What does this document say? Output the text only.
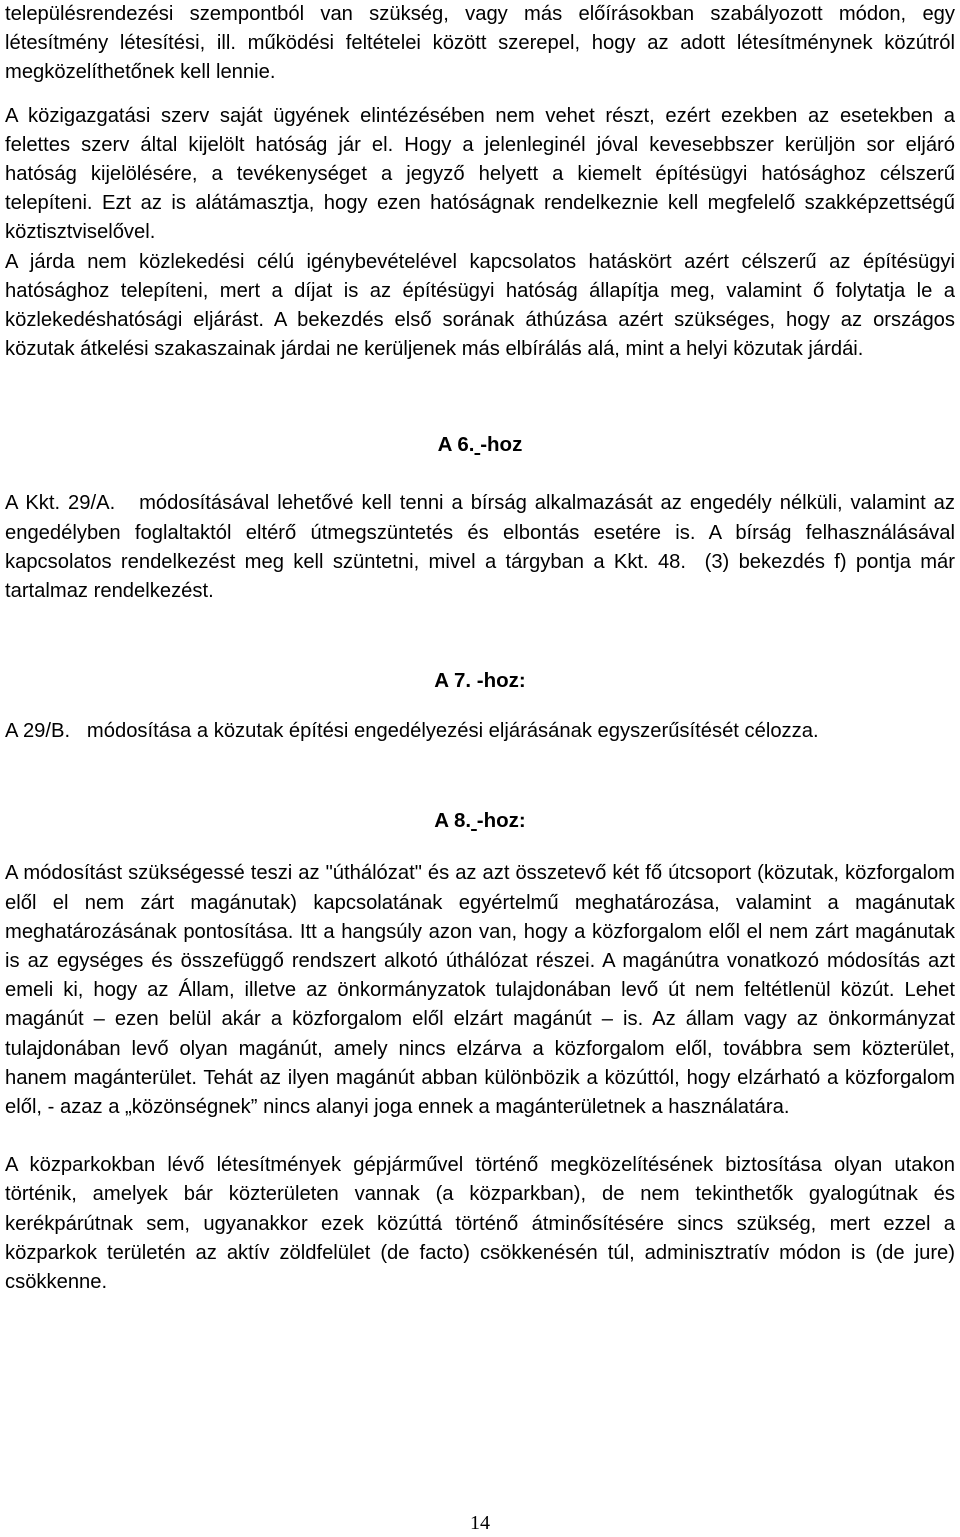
településrendezési szempontból van szükség, vagy más előírásokban szabályozott módon, egy létesítmény létesítési, ill. működési feltételei között szerepel, hogy az adott létesítménynek közútról megközelíthetőnek kell lennie.

A közigazgatási szerv saját ügyének elintézésében nem vehet részt, ezért ezekben az esetekben a felettes szerv által kijelölt hatóság jár el. Hogy a jelenleginél jóval kevesebbszer kerüljön sor eljáró hatóság kijelölésére, a tevékenységet a jegyző helyett a kiemelt építésügyi hatósághoz célszerű telepíteni. Ezt az is alátámasztja, hogy ezen hatóságnak rendelkeznie kell megfelelő szakképzettségű köztisztviselővel.

A járda nem közlekedési célú igénybevételével kapcsolatos hatáskört azért célszerű az építésügyi hatósághoz telepíteni, mert a díjat is az építésügyi hatóság állapítja meg, valamint ő folytatja le a közlekedéshatósági eljárást. A bekezdés első sorának áthúzása azért szükséges, hogy az országos közutak átkelési szakaszainak járdai ne kerüljenek más elbírálás alá, mint a helyi közutak járdái.

A 6. -hoz

A Kkt. 29/A.   módosításával lehetővé kell tenni a bírság alkalmazását az engedély nélküli, valamint az engedélyben foglaltaktól eltérő útmegszüntetés és elbontás esetére is. A bírság felhasználásával kapcsolatos rendelkezést meg kell szüntetni, mivel a tárgyban a Kkt. 48.  (3) bekezdés f) pontja már tartalmaz rendelkezést.

A 7. -hoz:

A 29/B.   módosítása a közutak építési engedélyezési eljárásának egyszerűsítését célozza.

A 8. -hoz:

A módosítást szükségessé teszi az "úthálózat" és az azt összetevő két fő útcsoport (közutak, közforgalom elől el nem zárt magánutak) kapcsolatának egyértelmű meghatározása, valamint a magánutak meghatározásának pontosítása. Itt a hangsúly azon van, hogy a közforgalom elől el nem zárt magánutak is az egységes és összefüggő rendszert alkotó úthálózat részei. A magánútra vonatkozó módosítás azt emeli ki, hogy az Állam, illetve az önkormányzatok tulajdonában levő út nem feltétlenül közút. Lehet magánút – ezen belül akár a közforgalom elől elzárt magánút – is. Az állam vagy az önkormányzat tulajdonában levő olyan magánút, amely nincs elzárva a közforgalom elől, továbbra sem közterület, hanem magánterület. Tehát az ilyen magánút abban különbözik a közúttól, hogy elzárható a közforgalom elől, - azaz a „közönségnek” nincs alanyi joga ennek a magánterületnek a használatára.

A közparkokban lévő létesítmények gépjárművel történő megközelítésének biztosítása olyan utakon történik, amelyek bár közterületen vannak (a közparkban), de nem tekinthetők gyalogútnak és kerékpárútnak sem, ugyanakkor ezek közúttá történő átminősítésére sincs szükség, mert ezzel a közparkok területén az aktív zöldfelület (de facto) csökkenésén túl, adminisztratív módon is (de jure) csökkenne.

14
